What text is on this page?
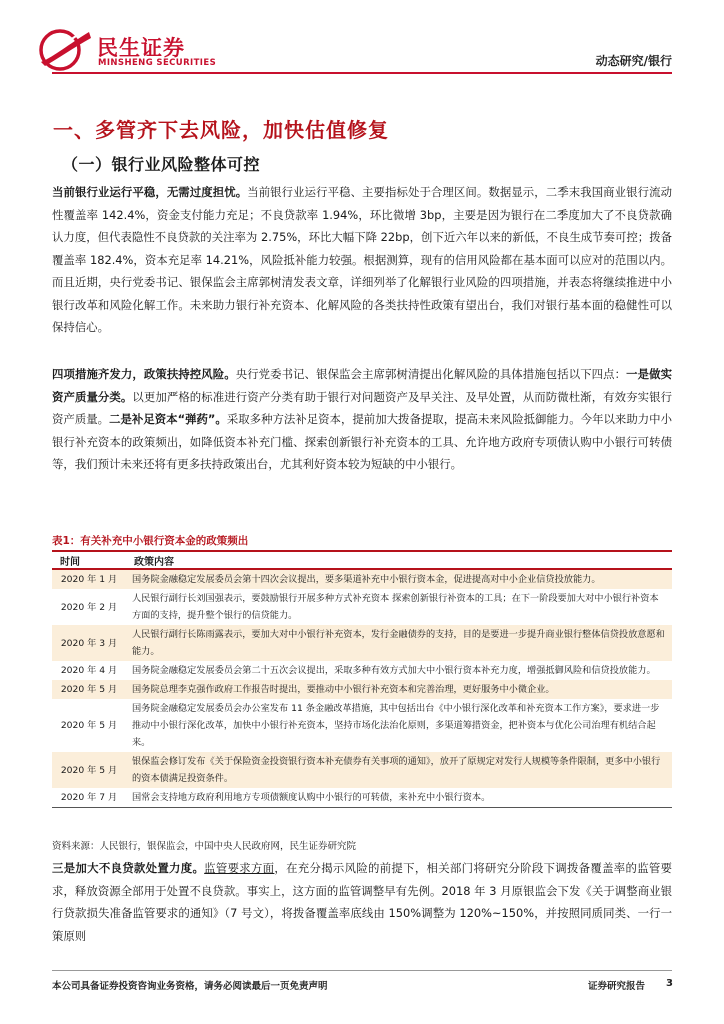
民生证券
MINSHENG SECURITIES	动态研究/银行
一、多管齐下去风险，加快估值修复
（一）银行业风险整体可控

当前银行业运行平稳，无需过度担忧。当前银行业运行平稳、主要指标处于合理区间。数据显示，二季末我国商业银行流动性覆盖率 142.4%，资金支付能力充足；不良贷款率 1.94%，环比微增 3bp，主要是因为银行在二季度加大了不良贷款确认力度，但代表隐性不良贷款的关注率为 2.75%，环比大幅下降 22bp，创下近六年以来的新低，不良生成节奏可控；拨备覆盖率 182.4%，资本充足率 14.21%，风险抵补能力较强。根据测算，现有的信用风险都在基本面可以应对的范围以内。而且近期，央行党委书记、银保监会主席郭树清发表文章，详细列举了化解银行业风险的四项措施，并表态将继续推进中小银行改革和风险化解工作。未来助力银行补充资本、化解风险的各类扶持性政策有望出台，我们对银行基本面的稳健性可以保持信心。

四项措施齐发力，政策扶持控风险。央行党委书记、银保监会主席郭树清提出化解风险的具体措施包括以下四点：一是做实资产质量分类。以更加严格的标准进行资产分类有助于银行对问题资产及早关注、及早处置，从而防微杜渐，有效夯实银行资产质量。二是补足资本“弹药”。采取多种方法补足资本，提前加大拨备提取，提高未来风险抵御能力。今年以来助力中小银行补充资本的政策频出，如降低资本补充门槛、探索创新银行补充资本的工具、允许地方政府专项债认购中小银行可转债等，我们预计未来还将有更多扶持政策出台，尤其利好资本较为短缺的中小银行。

表1：有关补充中小银行资本金的政策频出
时间	政策内容
2020 年 1 月	国务院金融稳定发展委员会第十四次会议提出，要多渠道补充中小银行资本金，促进提高对中小企业信贷投放能力。
2020 年 2 月	人民银行副行长刘国强表示，要鼓励银行开展多种方式补充资本 探索创新银行补资本的工具；在下一阶段要加大对中小银行补资本方面的支持，提升整个银行的信贷能力。
2020 年 3 月	人民银行副行长陈雨露表示，要加大对中小银行补充资本，发行金融债券的支持，目的是要进一步提升商业银行整体信贷投放意愿和能力。
2020 年 4 月	国务院金融稳定发展委员会第二十五次会议提出，采取多种有效方式加大中小银行资本补充力度，增强抵御风险和信贷投放能力。
2020 年 5 月	国务院总理李克强作政府工作报告时提出，要推动中小银行补充资本和完善治理，更好服务中小微企业。
2020 年 5 月	国务院金融稳定发展委员会办公室发布 11 条金融改革措施，其中包括出台《中小银行深化改革和补充资本工作方案》，要求进一步推动中小银行深化改革，加快中小银行补充资本，坚持市场化法治化原则，多渠道筹措资金，把补资本与优化公司治理有机结合起来。
2020 年 5 月	银保监会修订发布《关于保险资金投资银行资本补充债券有关事项的通知》，放开了原规定对发行人规模等条件限制，更多中小银行的资本债满足投资条件。
2020 年 7 月	国常会支持地方政府利用地方专项债额度认购中小银行的可转债，来补充中小银行资本。
资料来源：人民银行，银保监会，中国中央人民政府网，民生证券研究院

三是加大不良贷款处置力度。监管要求方面，在充分揭示风险的前提下，相关部门将研究分阶段下调拨备覆盖率的监管要求，释放资源全部用于处置不良贷款。事实上，这方面的监管调整早有先例。2018 年 3 月原银监会下发《关于调整商业银行贷款损失准备监管要求的通知》（7 号文），将拨备覆盖率底线由 150%调整为 120%~150%，并按照同质同类、一行一策原则

本公司具备证券投资咨询业务资格，请务必阅读最后一页免责声明	证券研究报告 3
